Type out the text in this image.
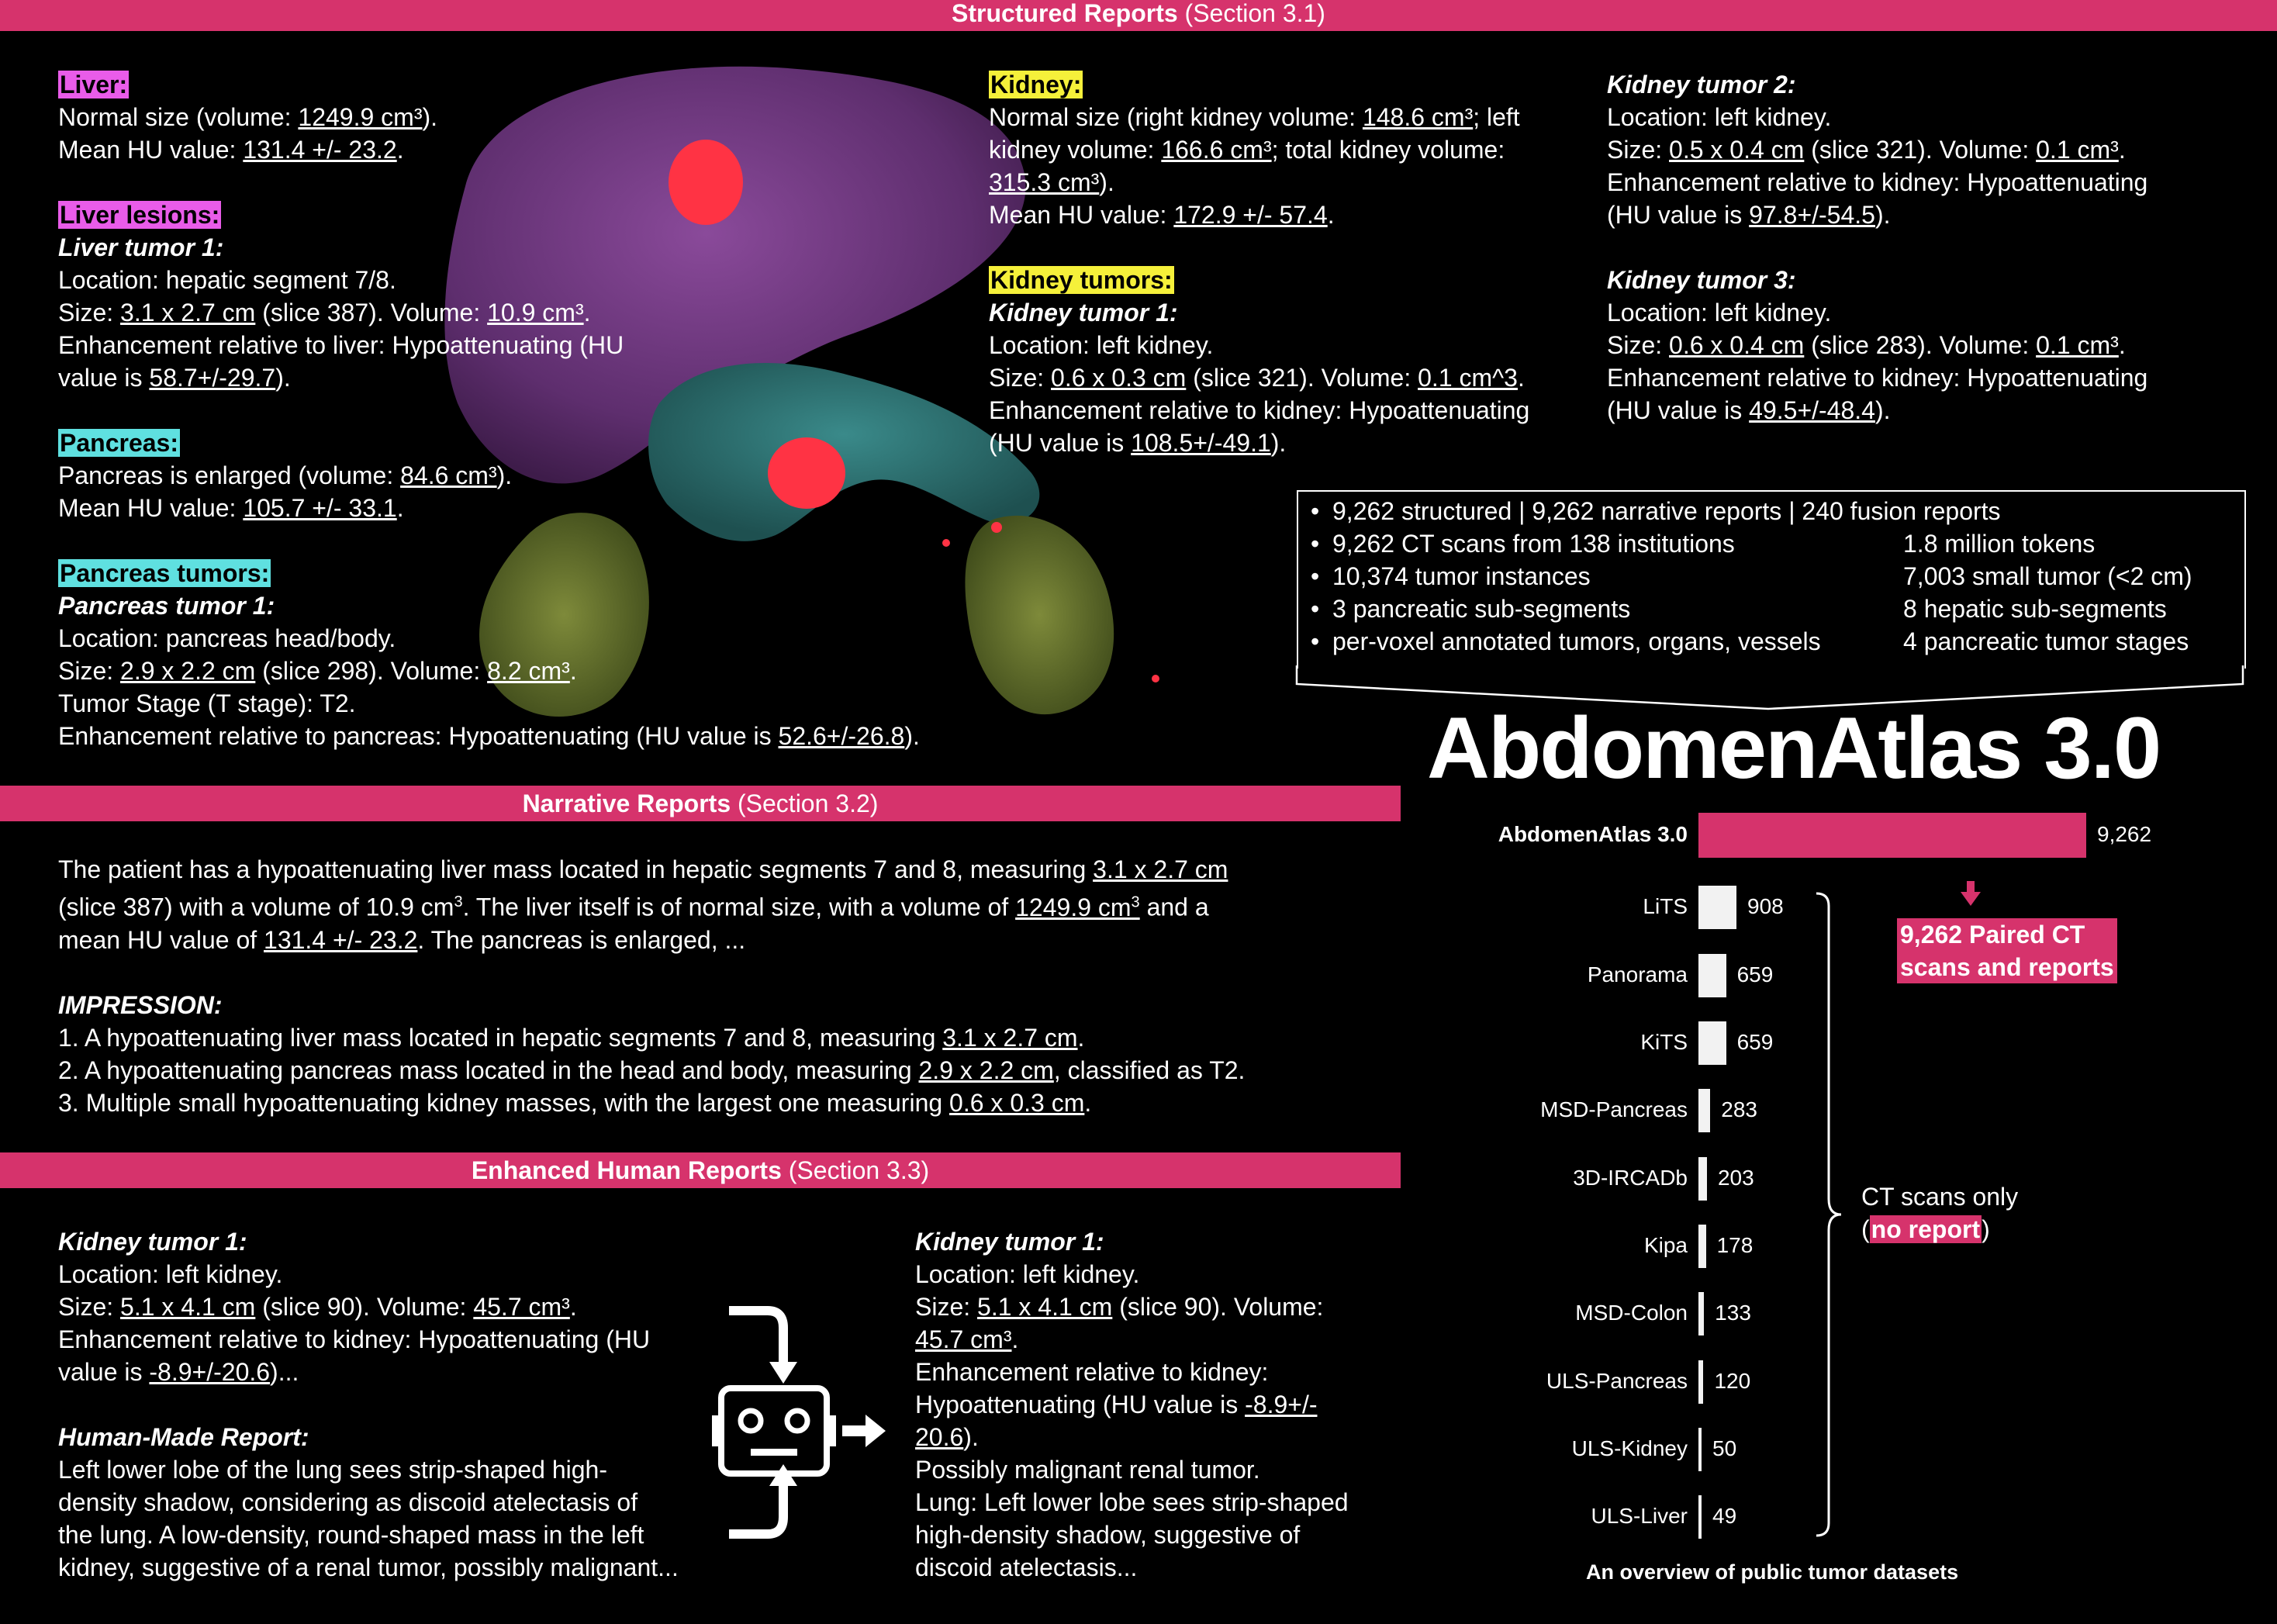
Structured Reports (Section 3.1)
Narrative Reports (Section 3.2)
Enhanced Human Reports (Section 3.3)
Liver:
Normal size (volume: 1249.9 cm³).
Mean HU value: 131.4 +/- 23.2.
Liver lesions:
Liver tumor 1:
Location: hepatic segment 7/8.
Size: 3.1 x 2.7 cm (slice 387). Volume: 10.9 cm³.
Enhancement relative to liver: Hypoattenuating (HU
value is 58.7+/-29.7).
Pancreas:
Pancreas is enlarged (volume: 84.6 cm³).
Mean HU value: 105.7 +/- 33.1.
Pancreas tumors:
Pancreas tumor 1:
Location: pancreas head/body.
Size: 2.9 x 2.2 cm (slice 298). Volume: 8.2 cm³.
Tumor Stage (T stage): T2.
Enhancement relative to pancreas: Hypoattenuating (HU value is 52.6+/-26.8).
Kidney:
Normal size (right kidney volume: 148.6 cm³; left
kidney volume: 166.6 cm³; total kidney volume:
315.3 cm³).
Mean HU value: 172.9 +/- 57.4.
Kidney tumors:
Kidney tumor 1:
Location: left kidney.
Size: 0.6 x 0.3 cm (slice 321). Volume: 0.1 cm^3.
Enhancement relative to kidney: Hypoattenuating
(HU value is 108.5+/-49.1).
Kidney tumor 2:
Location: left kidney.
Size: 0.5 x 0.4 cm (slice 321). Volume: 0.1 cm³.
Enhancement relative to kidney: Hypoattenuating
(HU value is 97.8+/-54.5).
Kidney tumor 3:
Location: left kidney.
Size: 0.6 x 0.4 cm (slice 283). Volume: 0.1 cm³.
Enhancement relative to kidney: Hypoattenuating
(HU value is 49.5+/-48.4).
• 9,262 structured | 9,262 narrative reports | 240 fusion reports
• 9,262 CT scans from 138 institutions
• 10,374 tumor instances
• 3 pancreatic sub-segments
• per-voxel annotated tumors, organs, vessels
1.8 million tokens
7,003 small tumor (<2 cm)
8 hepatic sub-segments
4 pancreatic tumor stages
AbdomenAtlas 3.0
The patient has a hypoattenuating liver mass located in hepatic segments 7 and 8, measuring 3.1 x 2.7 cm
(slice 387) with a volume of 10.9 $cm^3$. The liver itself is of normal size, with a volume of 1249.9 $cm^3$ and a
mean HU value of 131.4 +/- 23.2. The pancreas is enlarged, ...
IMPRESSION:
1. A hypoattenuating liver mass located in hepatic segments 7 and 8, measuring 3.1 x 2.7 cm.
2. A hypoattenuating pancreas mass located in the head and body, measuring 2.9 x 2.2 cm, classified as T2.
3. Multiple small hypoattenuating kidney masses, with the largest one measuring 0.6 x 0.3 cm.
Kidney tumor 1:
Location: left kidney.
Size: 5.1 x 4.1 cm (slice 90). Volume: 45.7 cm³.
Enhancement relative to kidney: Hypoattenuating (HU
value is -8.9+/-20.6)...
Human-Made Report:
Left lower lobe of the lung sees strip-shaped high-
density shadow, considering as discoid atelectasis of
the lung. A low-density, round-shaped mass in the left
kidney, suggestive of a renal tumor, possibly malignant...
Kidney tumor 1:
Location: left kidney.
Size: 5.1 x 4.1 cm (slice 90). Volume:
45.7 cm³.
Enhancement relative to kidney:
Hypoattenuating (HU value is -8.9+/-
20.6).
Possibly malignant renal tumor.
Lung: Left lower lobe sees strip-shaped
high-density shadow, suggestive of
discoid atelectasis...
AbdomenAtlas 3.0	9,262
LiTS	908
Panorama 659
KiTS 659
MSD-Pancreas 283
3D-IRCADb 203
Kipa 178
MSD-Colon 133
ULS-Pancreas 120
ULS-Kidney 50
ULS-Liver 49
9,262 Paired CT
scans and reports
CT scans only
(no report)
An overview of public tumor datasets
